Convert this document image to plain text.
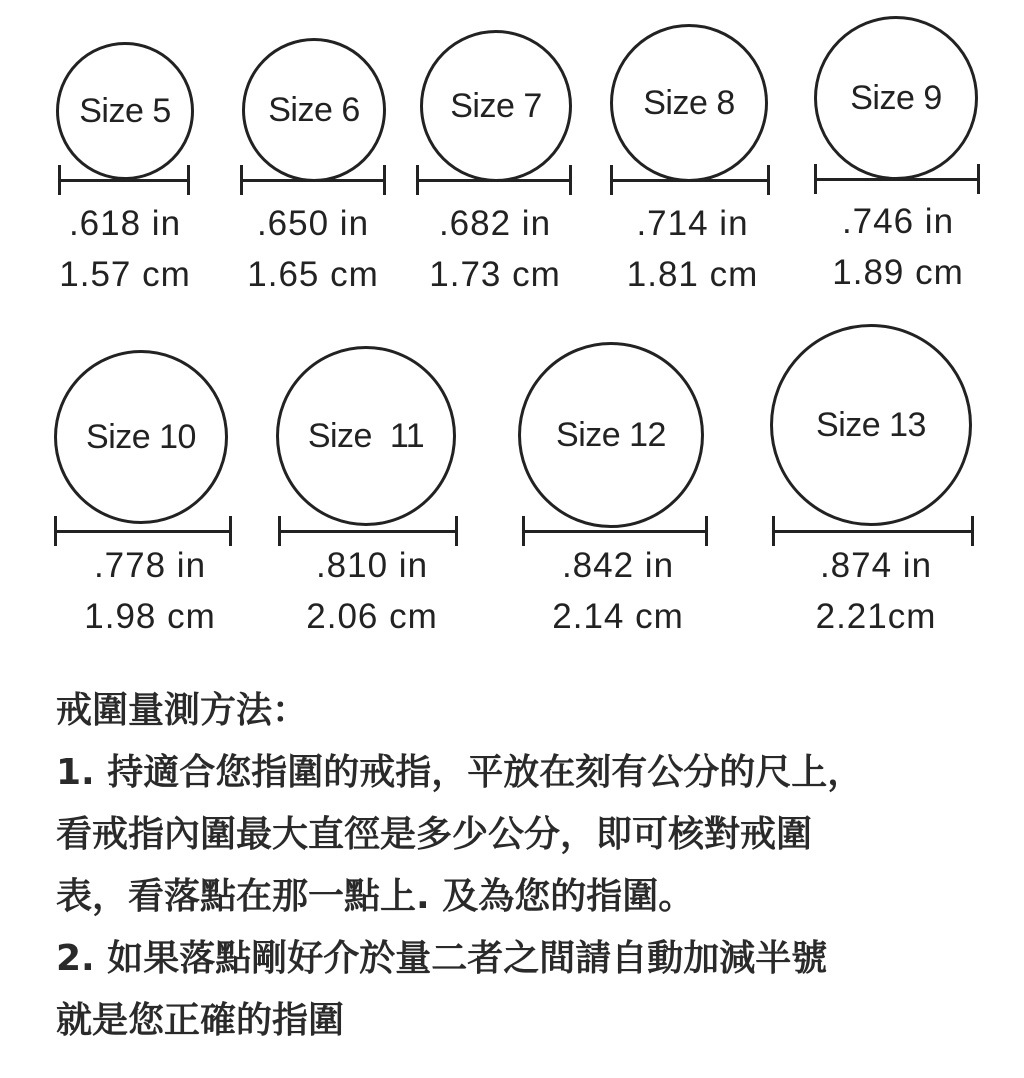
Size 5
.618 in
1.57 cm
Size 6
.650 in
1.65 cm
Size 7
.682 in
1.73 cm
Size 8
.714 in
1.81 cm
Size 9
.746 in
1.89 cm
Size 10
.778 in
1.98 cm
Size  11
.810 in
2.06 cm
Size 12
.842 in
2.14 cm
Size 13
.874 in
2.21cm

戒圍量測方法：

1. 持適合您指圍的戒指，平放在刻有公分的尺上，

看戒指內圍最大直徑是多少公分，即可核對戒圍

表，看落點在那一點上. 及為您的指圍。

2. 如果落點剛好介於量二者之間請自動加減半號

就是您正確的指圍
